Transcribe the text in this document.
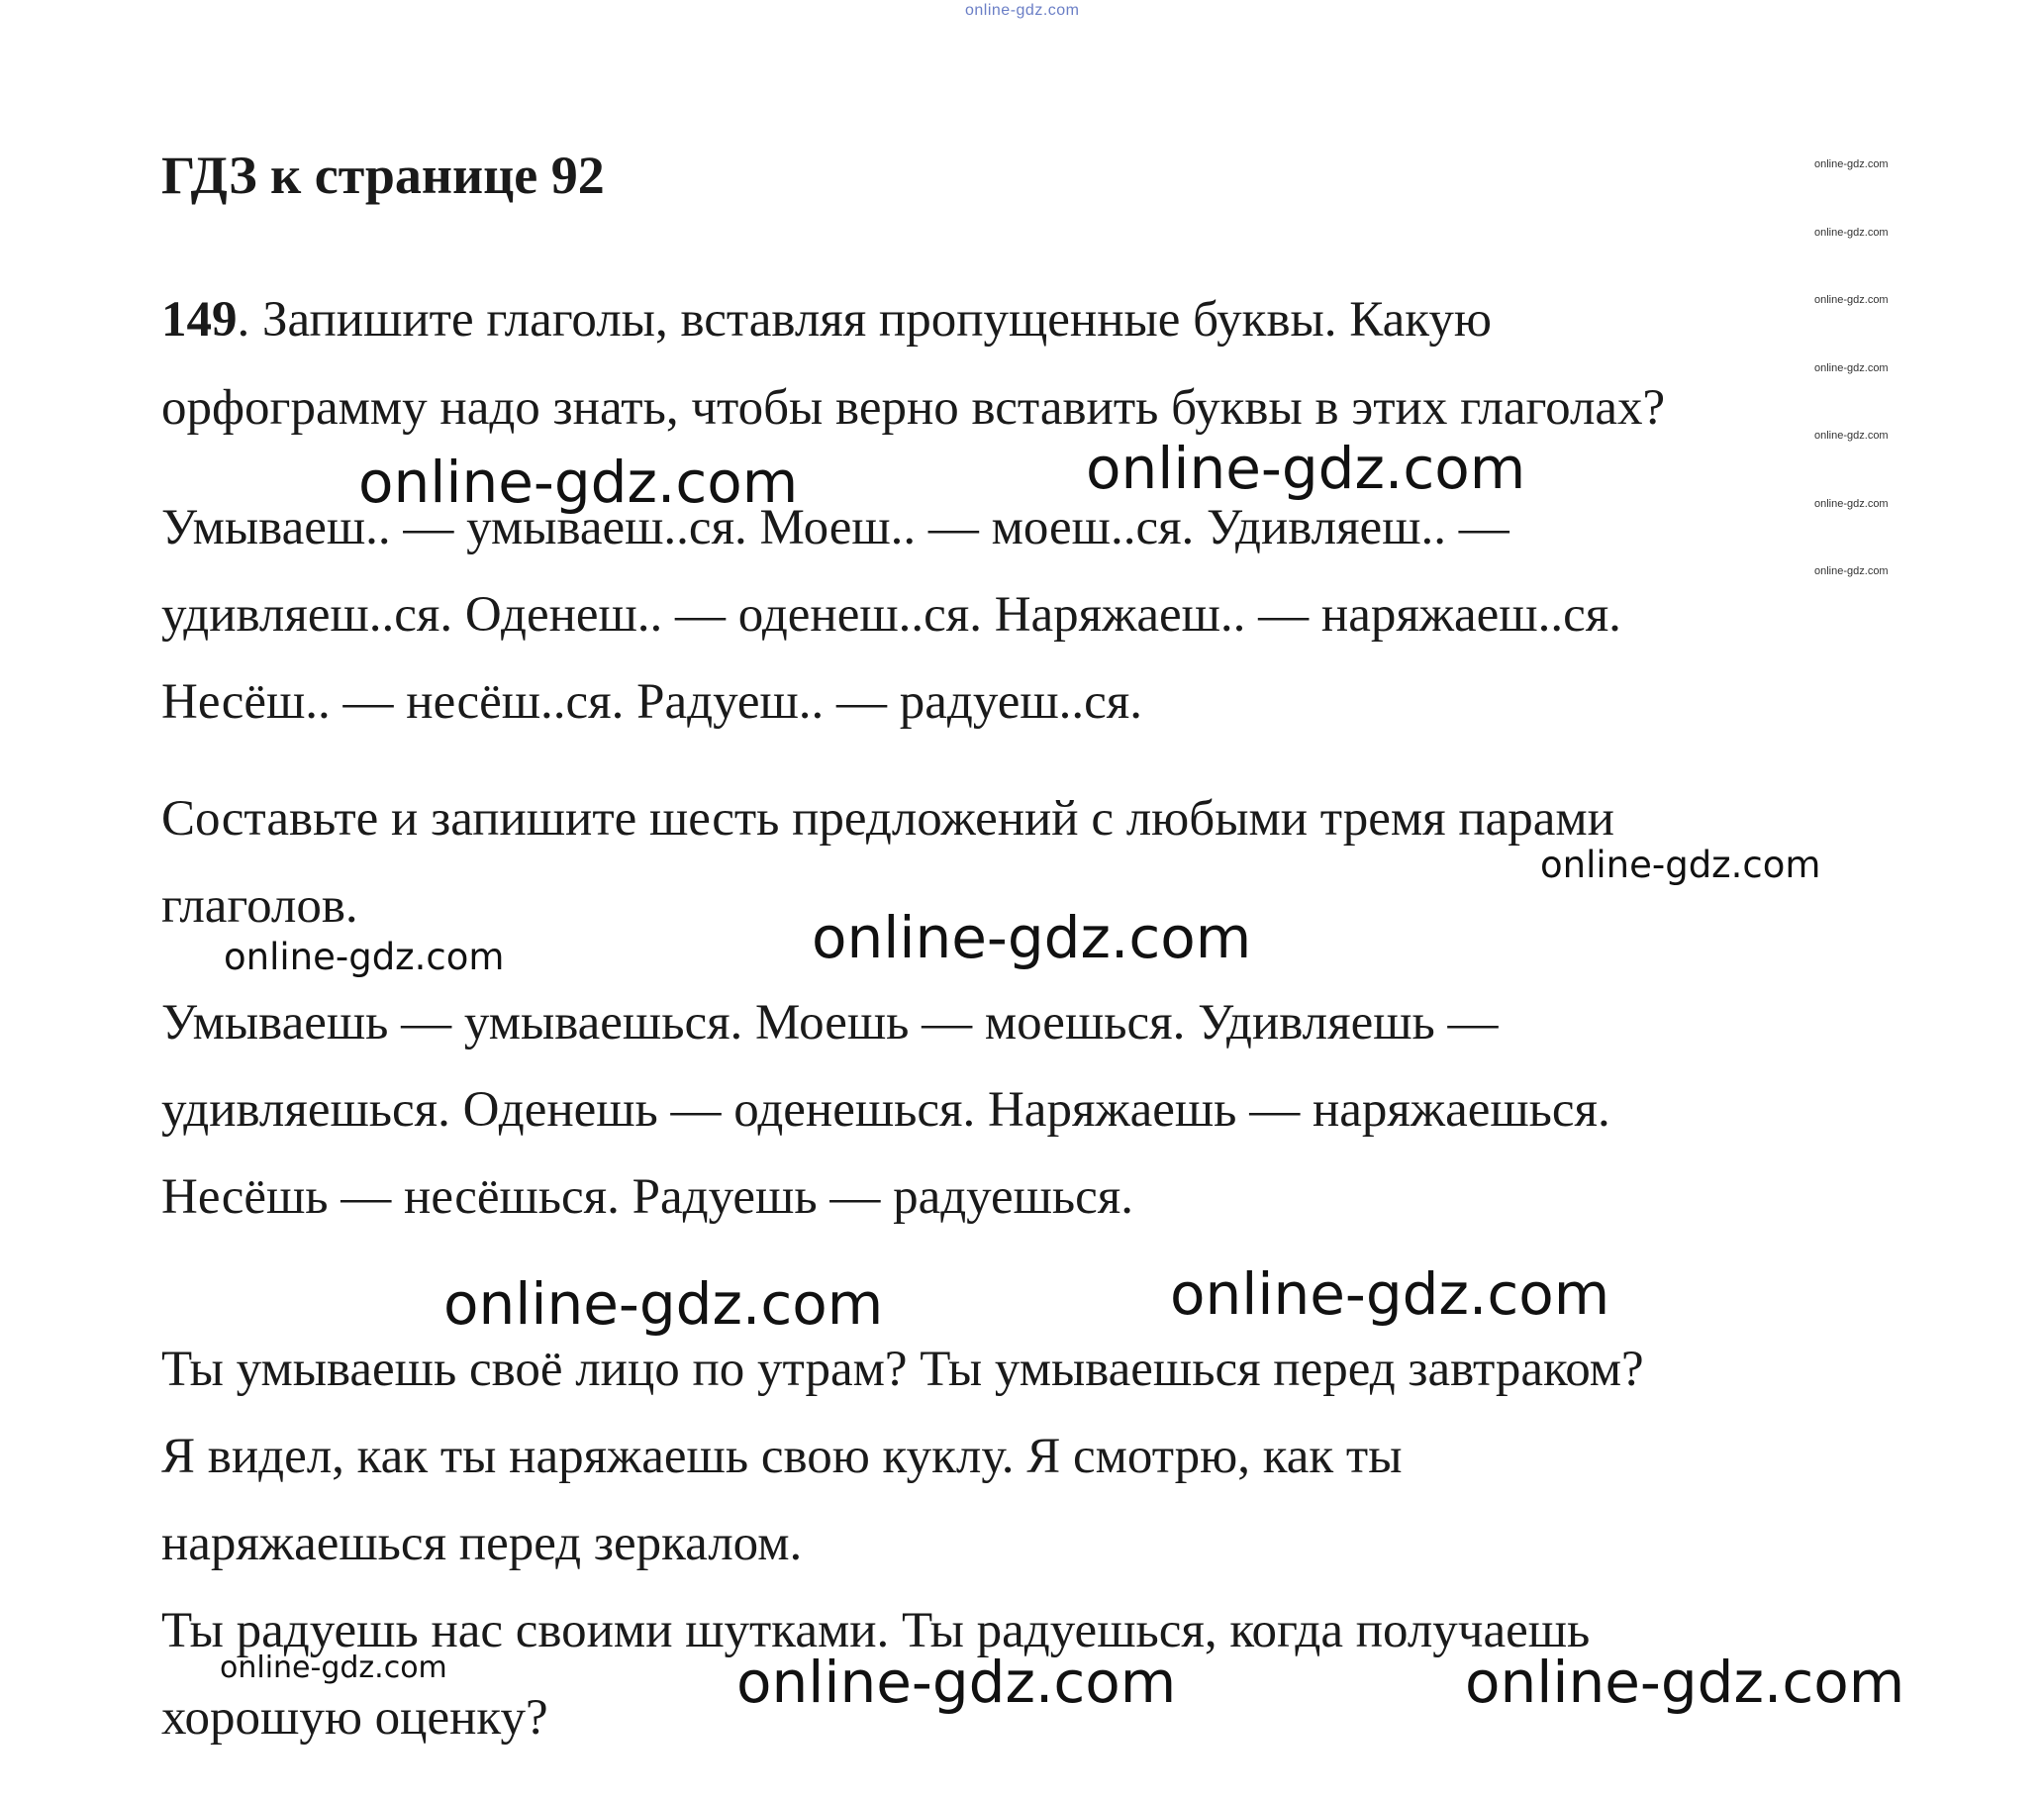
online-gdz.com
ГДЗ к странице 92	online-gdz.com
online-gdz.com
online-gdz.com
online-gdz.com
online-gdz.com
online-gdz.com
online-gdz.com
149. Запишите глаголы, вставляя пропущенные буквы. Какую
орфограмму надо знать, чтобы верно вставить буквы в этих глаголах?
Умываеш.. — умываеш..ся. Моеш.. — моеш..ся. Удивляеш.. —
удивляеш..ся. Оденеш.. — оденеш..ся. Наряжаеш.. — наряжаеш..ся.
Несёш.. — несёш..ся. Радуеш.. — радуеш..ся.
Составьте и запишите шесть предложений с любыми тремя парами
глаголов.
Умываешь — умываешься. Моешь — моешься. Удивляешь —
удивляешься. Оденешь — оденешься. Наряжаешь — наряжаешься.
Несёшь — несёшься. Радуешь — радуешься.
Ты умываешь своё лицо по утрам? Ты умываешься перед завтраком?
Я видел, как ты наряжаешь свою куклу. Я смотрю, как ты
наряжаешься перед зеркалом.
Ты радуешь нас своими шутками. Ты радуешься, когда получаешь
хорошую оценку?
online-gdz.com	online-gdz.com
online-gdz.com
online-gdz.com	online-gdz.com
online-gdz.com	online-gdz.com
online-gdz.com
online-gdz.com
online-gdz.com
